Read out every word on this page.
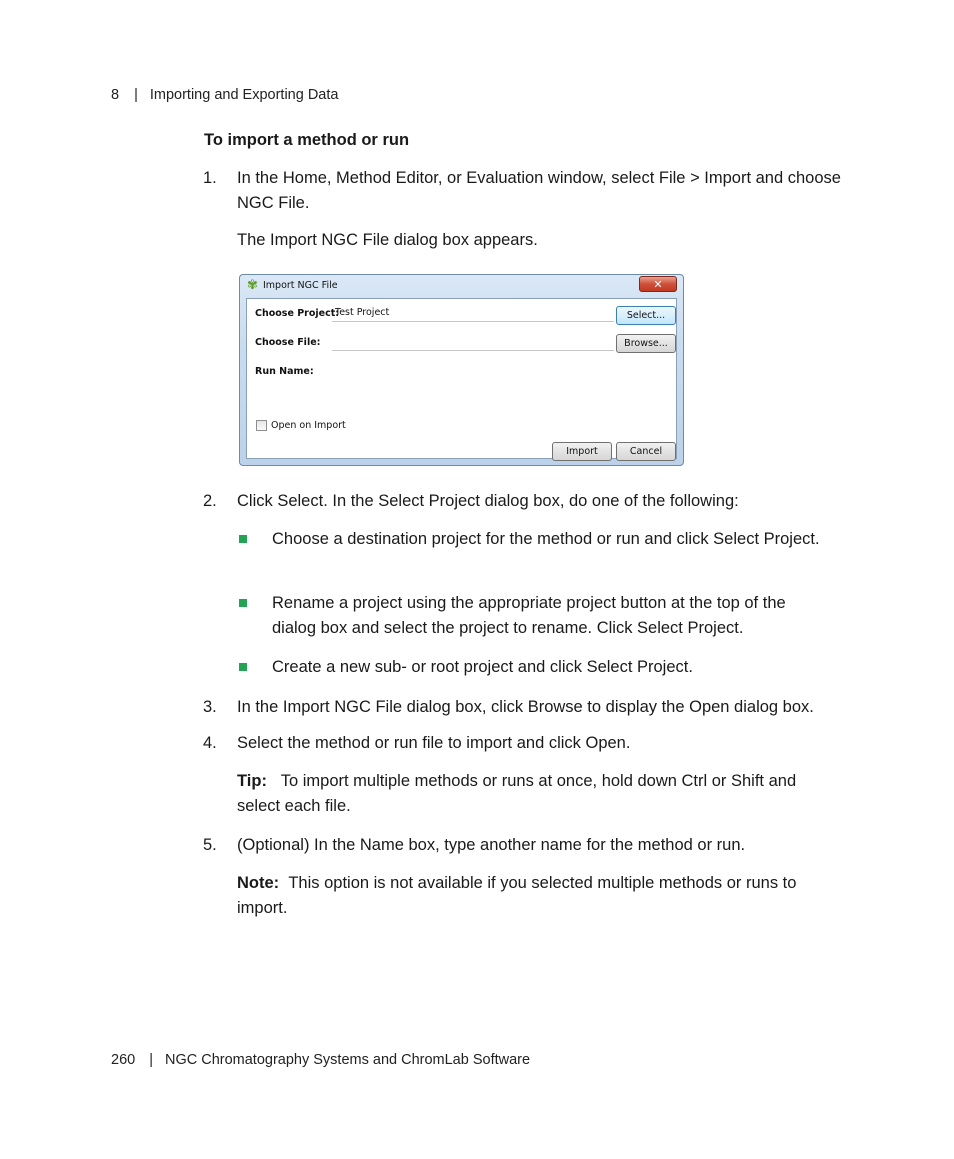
8 | Importing and Exporting Data
To import a method or run
1. In the Home, Method Editor, or Evaluation window, select File > Import and choose NGC File.
The Import NGC File dialog box appears.
✾ Import NGC File	✕
Choose Project:
Test Project	Select...
Choose File:	Browse...
Run Name:
Open on Import
Import	Cancel
2. Click Select. In the Select Project dialog box, do one of the following:
Choose a destination project for the method or run and click Select Project.
Rename a project using the appropriate project button at the top of the dialog box and select the project to rename. Click Select Project.
Create a new sub- or root project and click Select Project.
3. In the Import NGC File dialog box, click Browse to display the Open dialog box.
4. Select the method or run file to import and click Open.
Tip: To import multiple methods or runs at once, hold down Ctrl or Shift and select each file.
5. (Optional) In the Name box, type another name for the method or run.
Note: This option is not available if you selected multiple methods or runs to import.
260 | NGC Chromatography Systems and ChromLab Software
